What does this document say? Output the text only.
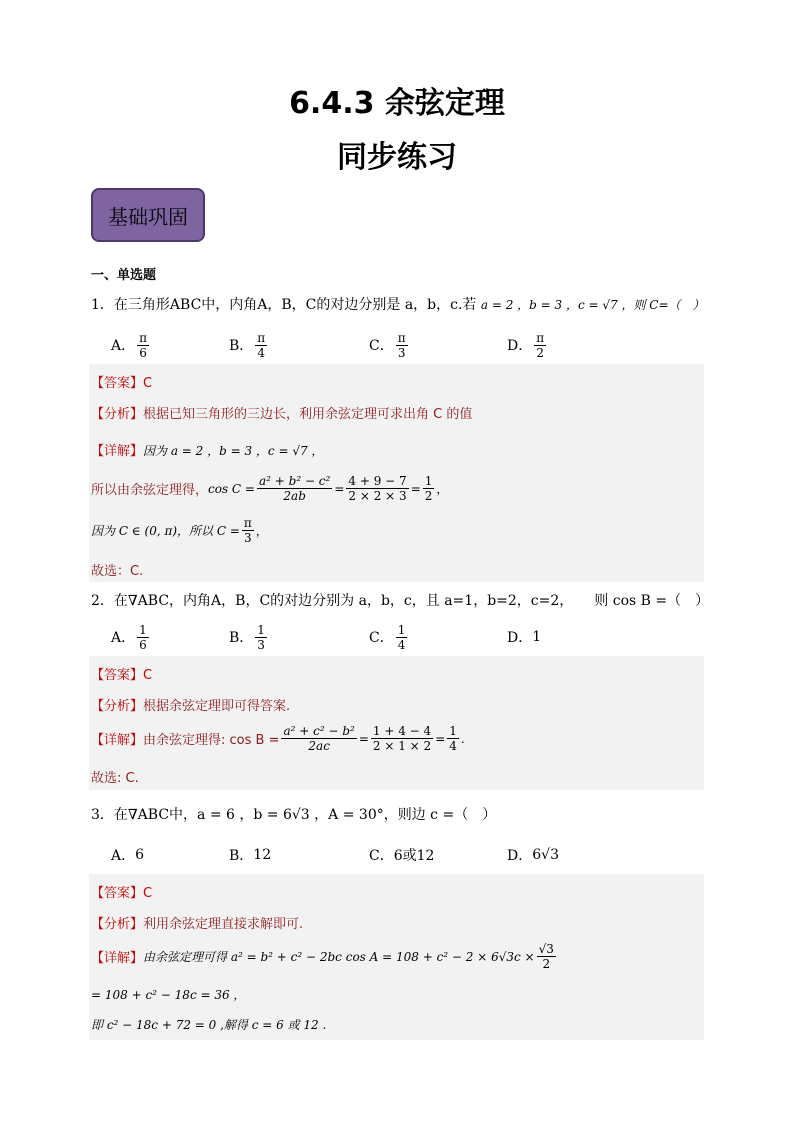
6.4.3 余弦定理
同步练习
基础巩固
一、单选题
1．在三角形ABC中，内角A，B，C的对边分别是 a，b，c.若 a = 2 ，b = 3 ，c = √7 ，则 C=（　）
A． $\frac{\pi}{6}$	B． $\frac{\pi}{4}$	C． $\frac{\pi}{3}$	D． $\frac{\pi}{2}$
【答案】C
【分析】根据已知三角形的三边长，利用余弦定理可求出角 C 的值
【详解】因为 a = 2 ，b = 3 ，c = √7 ，
所以由余弦定理得， $\cos C = \frac{\text{a² + b² − c²}}{2ab} = \frac{4 + 9 - 7}{2 \times 2 \times 3} = \frac{1}{2}$ ，
因为 C ∈ (0, π)，所以 $C = \frac{\pi}{3}$ ，
故选：C.
2．在∇ABC，内角A，B，C的对边分别为 a，b，c，且 a=1，b=2，c=2，　　则 cos B =（　）
A． $\frac{1}{6}$	B． $\frac{1}{3}$	C． $\frac{1}{4}$	D． 1
【答案】C
【分析】根据余弦定理即可得答案.
【详解】 由余弦定理得: $\cos B = \frac{\text{a² + c² − b²}}{2ac} = \frac{1 + 4 - 4}{2 \times 1 \times 2} = \frac{1}{4}$ .
故选: C.
3．在∇ABC中，a = 6 ，b = 6√3 ，A = 30°，则边 c =（　）
A． 6	B． 12	C． 6或12	D． 6√3
【答案】C
【分析】利用余弦定理直接求解即可.
【详解】 由余弦定理可得 a² = b² + c² − 2bc $\cos A = 108 + c^2 - 2 \times 6√3c \times \frac{√3}{2}$
= 108 + c² − 18c = 36 ，
即 c² − 18c + 72 = 0 ,解得 c = 6 或 12 .
